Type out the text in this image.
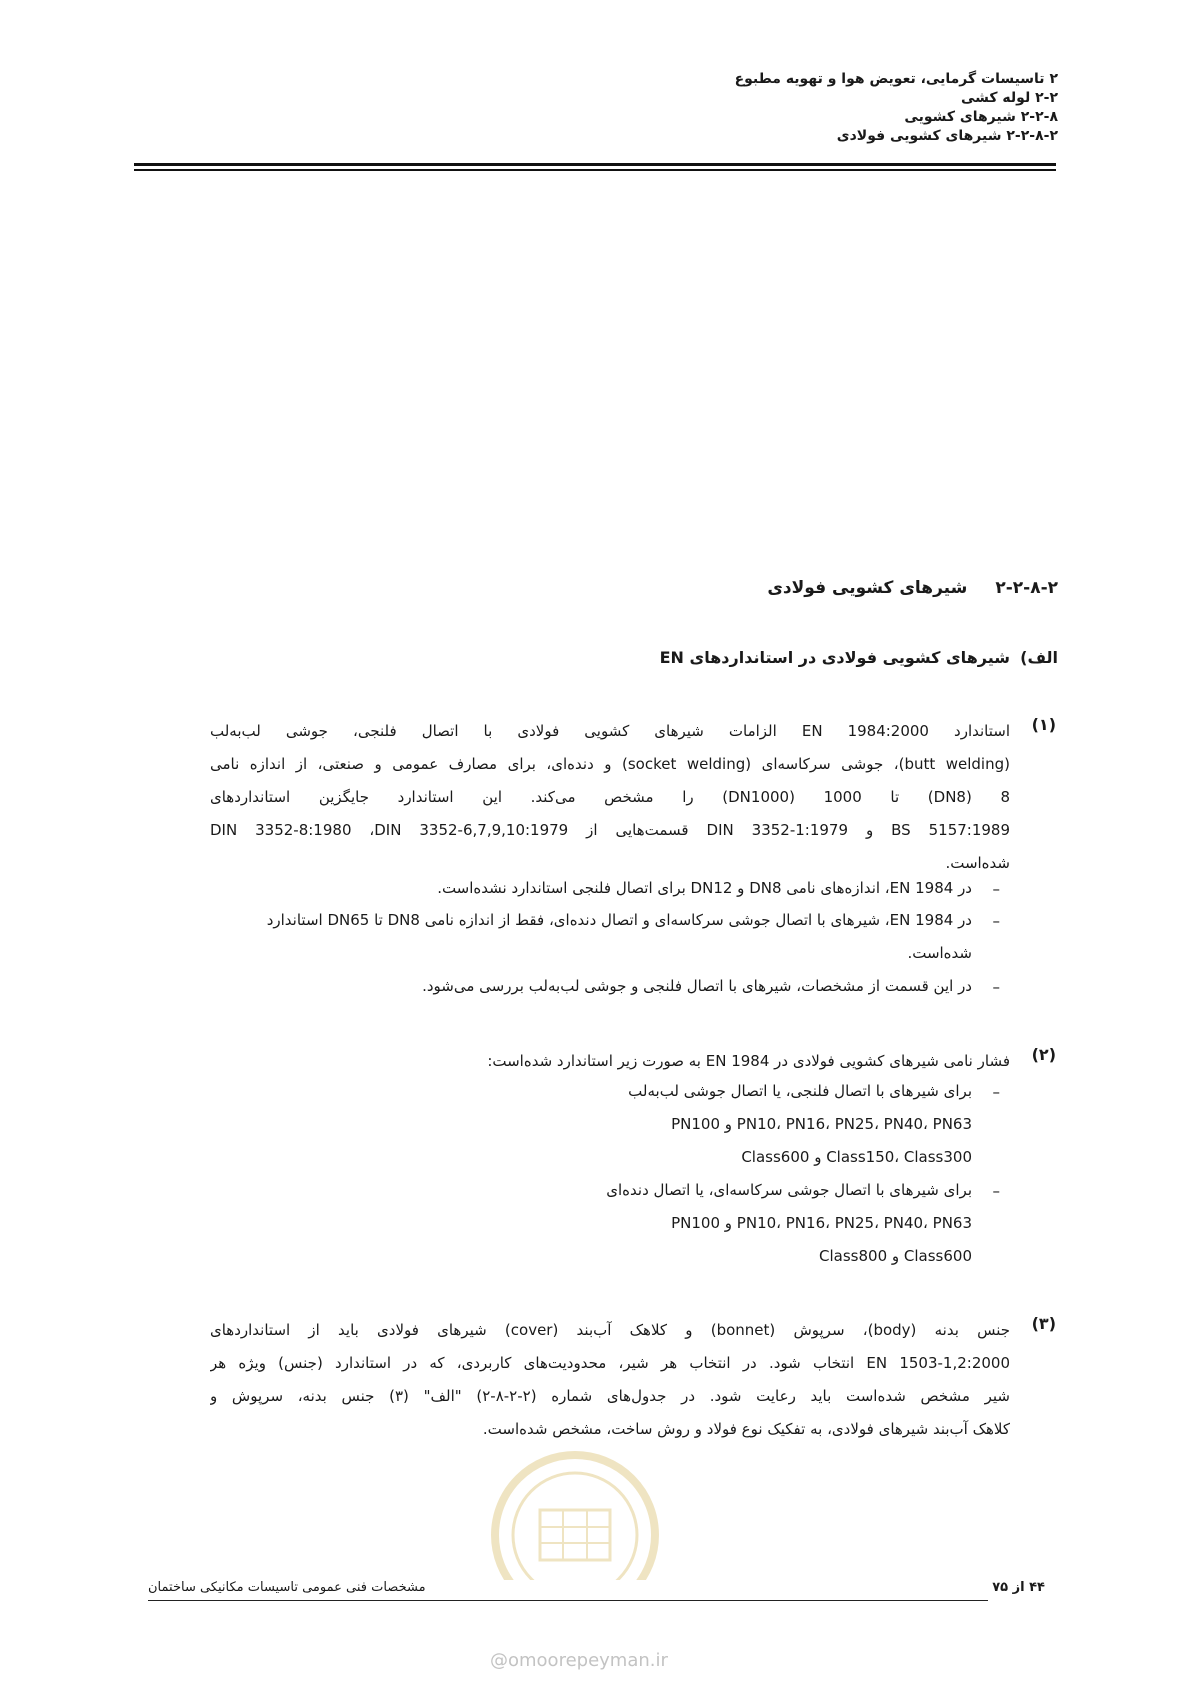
۲ تاسیسات گرمایی، تعویض هوا و تهویه مطبوع
۲-۲ لوله کشی
۲-۲-۸ شیرهای کشویی
۲-۲-۸-۲ شیرهای کشویی فولادی
۲-۲-۸-۲شیرهای کشویی فولادی
الف)
شیرهای کشویی فولادی در استانداردهای EN
(۱)
استاندارد EN 1984:2000 الزامات شیرهای کشویی فولادی با اتصال فلنجی، جوشی لب‌به‌لب
(butt welding)، جوشی سرکاسه‌ای (socket welding) و دنده‌ای، برای مصارف عمومی و صنعتی، از اندازه نامی
8 (DN8) تا 1000 (DN1000) را مشخص می‌کند. این استاندارد جایگزین استانداردهای
BS 5157:1989 و DIN 3352-1:1979 قسمت‌هایی از DIN 3352-8:1980 ،DIN 3352-6,7,9,10:1979
شده‌است.
–
در EN 1984، اندازه‌های نامی DN8 و DN12 برای اتصال فلنجی استاندارد نشده‌است.
–
در EN 1984، شیرهای با اتصال جوشی سرکاسه‌ای و اتصال دنده‌ای، فقط از اندازه نامی DN8 تا DN65 استاندارد
شده‌است.
–
در این قسمت از مشخصات، شیرهای با اتصال فلنجی و جوشی لب‌به‌لب بررسی می‌شود.
(۲)
فشار نامی شیرهای کشویی فولادی در EN 1984 به صورت زیر استاندارد شده‌است:
–
برای شیرهای با اتصال فلنجی، یا اتصال جوشی لب‌به‌لب
PN10، PN16، PN25، PN40، PN63 و PN100
Class150، Class300 و Class600
–
برای شیرهای با اتصال جوشی سرکاسه‌ای، یا اتصال دنده‌ای
PN10، PN16، PN25، PN40، PN63 و PN100
Class600 و Class800
(۳)
جنس بدنه (body)، سرپوش (bonnet) و کلاهک آب‌بند (cover) شیرهای فولادی باید از استانداردهای
EN 1503-1,2:2000 انتخاب شود. در انتخاب هر شیر، محدودیت‌های کاربردی، که در استاندارد (جنس) ویژه هر
شیر مشخص شده‌است باید رعایت شود. در جدول‌های شماره (۲-۲-۸-۲) "الف" (۳) جنس بدنه، سرپوش و
کلاهک آب‌بند شیرهای فولادی، به تفکیک نوع فولاد و روش ساخت، مشخص شده‌است.
مشخصات فنی عمومی تاسیسات مکانیکی ساختمان	۴۴ از ۷۵
@omoorepeyman.ir
